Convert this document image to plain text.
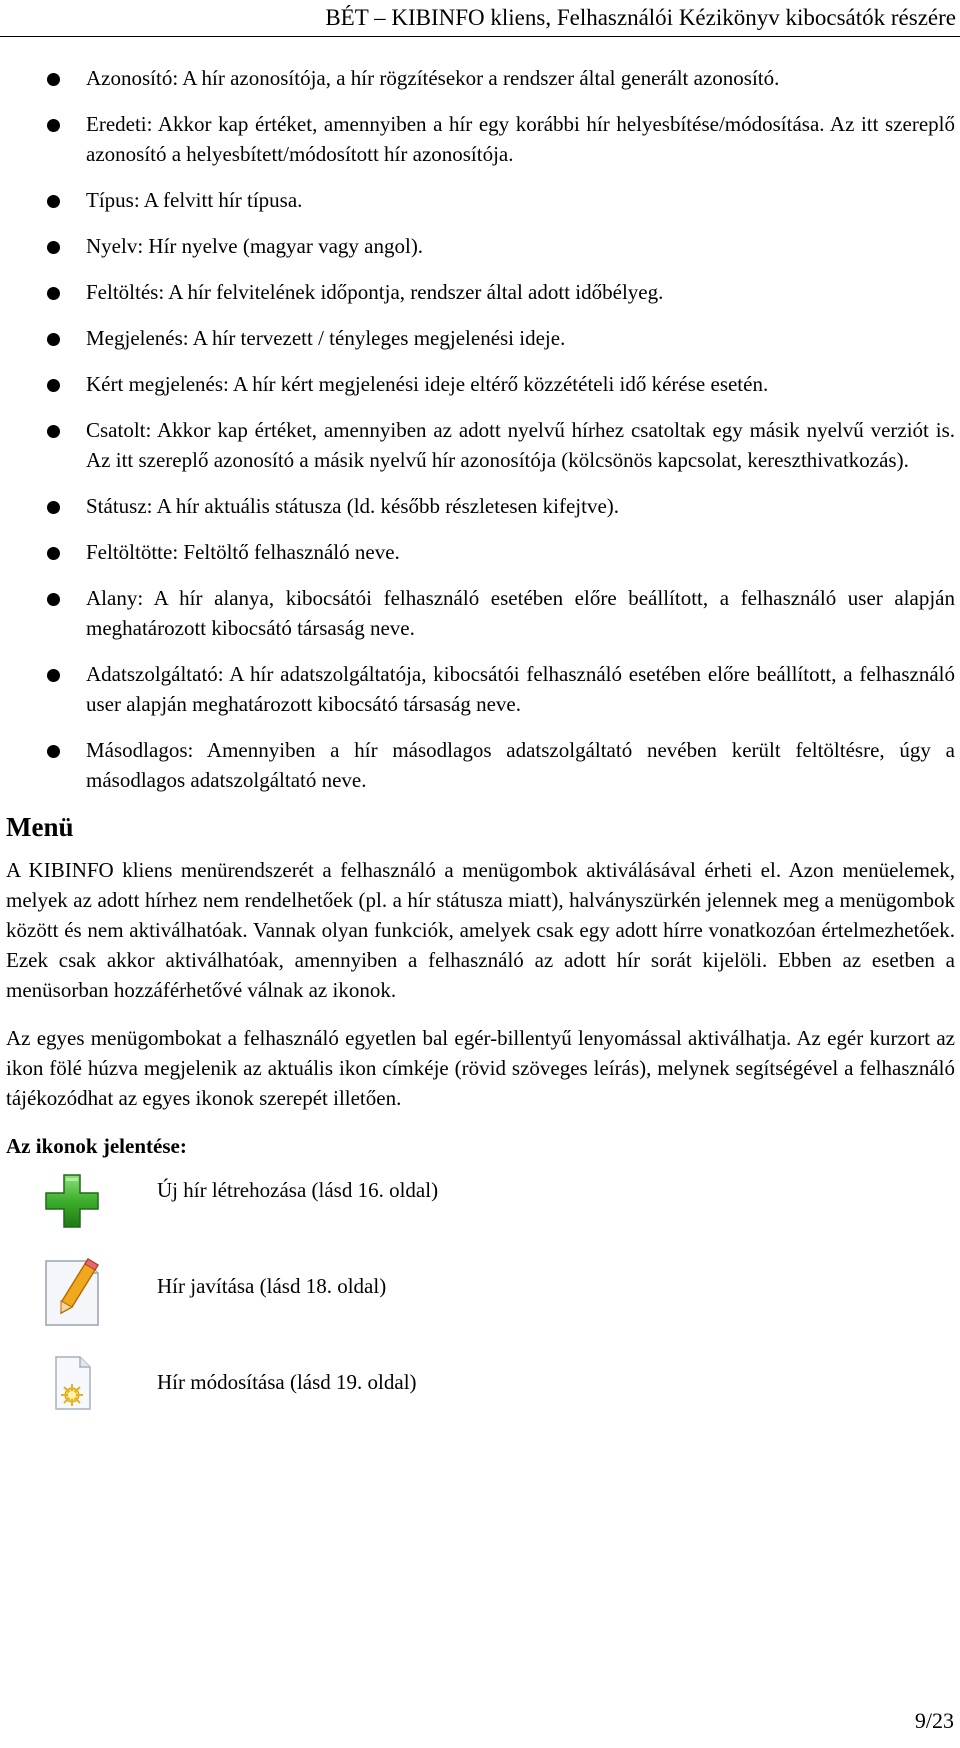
BÉT – KIBINFO kliens, Felhasználói Kézikönyv kibocsátók részére
Azonosító: A hír azonosítója, a hír rögzítésekor a rendszer által generált azonosító.
Eredeti: Akkor kap értéket, amennyiben a hír egy korábbi hír helyesbítése/módosítása. Az itt szereplő azonosító a helyesbített/módosított hír azonosítója.
Típus: A felvitt hír típusa.
Nyelv: Hír nyelve (magyar vagy angol).
Feltöltés: A hír felvitelének időpontja, rendszer által adott időbélyeg.
Megjelenés: A hír tervezett / tényleges megjelenési ideje.
Kért megjelenés: A hír kért megjelenési ideje eltérő közzétételi idő kérése esetén.
Csatolt: Akkor kap értéket, amennyiben az adott nyelvű hírhez csatoltak egy másik nyelvű verziót is. Az itt szereplő azonosító a másik nyelvű hír azonosítója (kölcsönös kapcsolat, kereszthivatkozás).
Státusz: A hír aktuális státusza (ld. később részletesen kifejtve).
Feltöltötte: Feltöltő felhasználó neve.
Alany: A hír alanya, kibocsátói felhasználó esetében előre beállított, a felhasználó user alapján meghatározott kibocsátó társaság neve.
Adatszolgáltató: A hír adatszolgáltatója, kibocsátói felhasználó esetében előre beállított, a felhasználó user alapján meghatározott kibocsátó társaság neve.
Másodlagos: Amennyiben a hír másodlagos adatszolgáltató nevében került feltöltésre, úgy a másodlagos adatszolgáltató neve.
Menü

A KIBINFO kliens menürendszerét a felhasználó a menügombok aktiválásával érheti el. Azon menüelemek, melyek az adott hírhez nem rendelhetőek (pl. a hír státusza miatt), halványszürkén jelennek meg a menügombok között és nem aktiválhatóak. Vannak olyan funkciók, amelyek csak egy adott hírre vonatkozóan értelmezhetőek. Ezek csak akkor aktiválhatóak, amennyiben a felhasználó az adott hír sorát kijelöli. Ebben az esetben a menüsorban hozzáférhetővé válnak az ikonok.

Az egyes menügombokat a felhasználó egyetlen bal egér-billentyű lenyomással aktiválhatja. Az egér kurzort az ikon fölé húzva megjelenik az aktuális ikon címkéje (rövid szöveges leírás), melynek segítségével a felhasználó tájékozódhat az egyes ikonok szerepét illetően.

Az ikonok jelentése:
Új hír létrehozása (lásd 16. oldal)
Hír javítása (lásd 18. oldal)
Hír módosítása (lásd 19. oldal)
9/23
